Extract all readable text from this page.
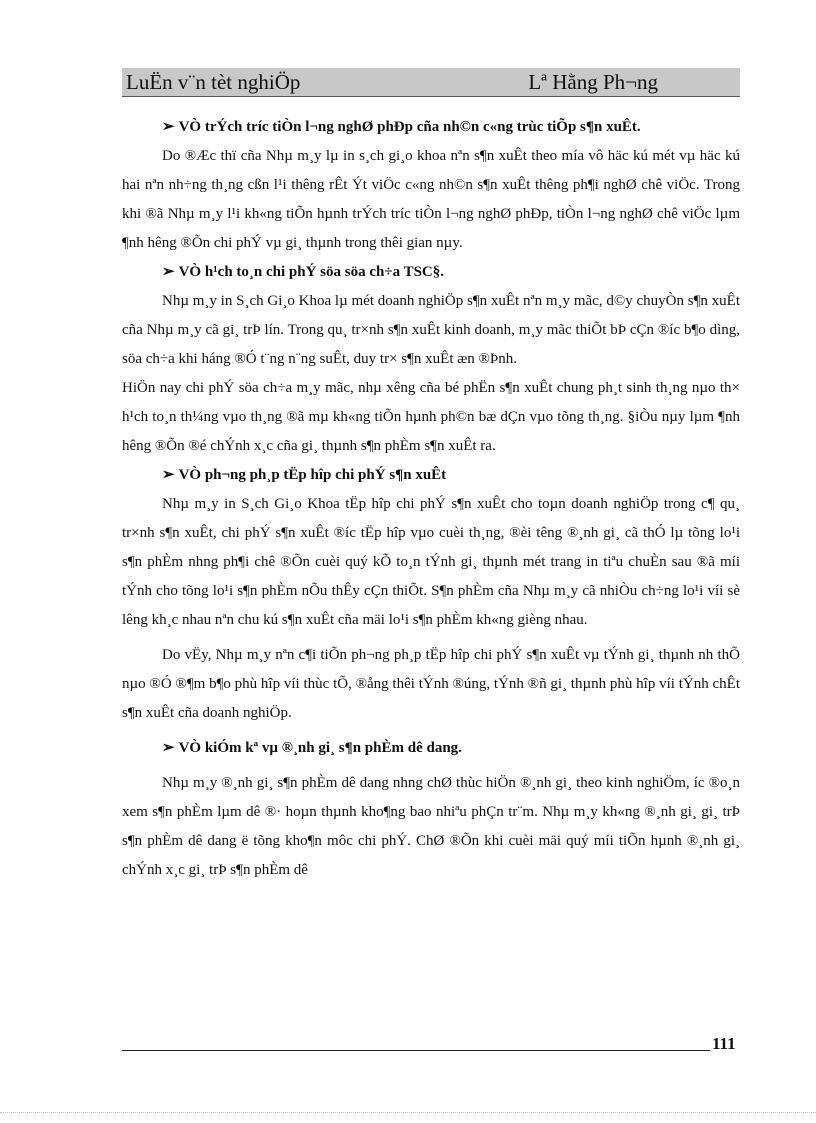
LuËn v¨n tèt nghiÖp	Lª Hằng Ph¬ng

➢ VÒ trÝch tríc tiÒn l¬ng nghØ phÐp cña nh©n c«ng trùc tiÕp s¶n xuÊt.

Do ®Æc thï cña Nhµ m¸y lµ in s¸ch gi¸o khoa nªn s¶n xuÊt theo mía vô häc kú mét vµ häc kú hai nªn nh÷ng th¸ng cßn l¹i thêng rÊt Ýt viÖc c«ng nh©n s¶n xuÊt thêng ph¶i nghØ chê viÖc. Trong khi ®ã Nhµ m¸y l¹i kh«ng tiÕn hµnh trÝch tríc tiÒn l¬ng nghØ phÐp, tiÒn l¬ng nghØ chê viÖc lµm ¶nh hêng ®Õn chi phÝ vµ gi¸ thµnh trong thêi gian nµy.

➢ VÒ h¹ch to¸n chi phÝ söa söa ch÷a TSC§.

Nhµ m¸y in S¸ch Gi¸o Khoa lµ mét doanh nghiÖp s¶n xuÊt nªn m¸y mãc, d©y chuyÒn s¶n xuÊt cña Nhµ m¸y cã gi¸ trÞ lín. Trong qu¸ tr×nh s¶n xuÊt kinh doanh, m¸y mãc thiÕt bÞ cÇn ®íc b¶o dìng, söa ch÷a khi háng ®Ó t¨ng n¨ng suÊt, duy tr× s¶n xuÊt æn ®Þnh.

HiÖn nay chi phÝ söa ch÷a m¸y mãc, nhµ xêng cña bé phËn s¶n xuÊt chung ph¸t sinh th¸ng nµo th× h¹ch to¸n th¼ng vµo th¸ng ®ã mµ kh«ng tiÕn hµnh ph©n bæ dÇn vµo tõng th¸ng. §iÒu nµy lµm ¶nh hêng ®Õn ®é chÝnh x¸c cña gi¸ thµnh s¶n phÈm s¶n xuÊt ra.

➢ VÒ ph¬ng ph¸p tËp hîp chi phÝ s¶n xuÊt

Nhµ m¸y in S¸ch Gi¸o Khoa tËp hîp chi phÝ s¶n xuÊt cho toµn doanh nghiÖp trong c¶ qu¸ tr×nh s¶n xuÊt, chi phÝ s¶n xuÊt ®íc tËp hîp vµo cuèi th¸ng, ®èi têng ®¸nh gi¸ cã thÓ lµ tõng lo¹i s¶n phÈm nhng ph¶i chê ®Õn cuèi quý kÕ to¸n tÝnh gi¸ thµnh mét trang in tiªu chuÈn sau ®ã míi tÝnh cho tõng lo¹i s¶n phÈm nÕu thÊy cÇn thiÕt. S¶n phÈm cña Nhµ m¸y cã nhiÒu ch÷ng lo¹i víi sè lêng kh¸c nhau nªn chu kú s¶n xuÊt cña mäi lo¹i s¶n phÈm kh«ng gièng nhau.

Do vËy, Nhµ m¸y nªn c¶i tiÕn ph¬ng ph¸p tËp hîp chi phÝ s¶n xuÊt vµ tÝnh gi¸ thµnh nh thÕ nµo ®Ó ®¶m b¶o phù hîp víi thùc tÕ, ®ång thêi tÝnh ®úng, tÝnh ®ñ gi¸ thµnh phù hîp víi tÝnh chÊt s¶n xuÊt cña doanh nghiÖp.

➢ VÒ kiÓm kª vµ ®¸nh gi¸ s¶n phÈm dê dang.

Nhµ m¸y ®¸nh gi¸ s¶n phÈm dê dang nhng chØ thùc hiÖn ®¸nh gi¸ theo kinh nghiÖm, íc ®o¸n xem s¶n phÈm lµm dê ®· hoµn thµnh kho¶ng bao nhiªu phÇn tr¨m. Nhµ m¸y kh«ng ®¸nh gi¸ gi¸ trÞ s¶n phÈm dê dang ë tõng kho¶n môc chi phÝ. ChØ ®Õn khi cuèi mäi quý míi tiÕn hµnh ®¸nh gi¸ chÝnh x¸c gi¸ trÞ s¶n phÈm dê

111
